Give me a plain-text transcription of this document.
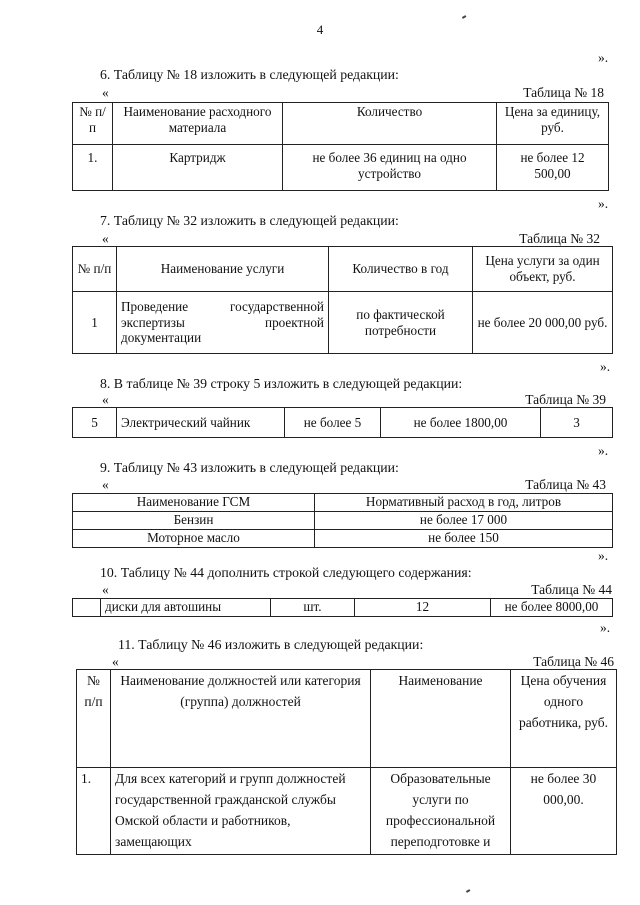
4
».
6. Таблицу № 18 изложить в следующей редакции:
«	Таблица № 18
№ п/п	Наименование расходного материала	Количество	Цена за единицу, руб.
1.	Картридж	не более 36 единиц на одно устройство	не более 12 500,00
».
7. Таблицу № 32 изложить в следующей редакции:
«	Таблица № 32
№ п/п	Наименование услуги	Количество в год	Цена услуги за один объект, руб.
1	Проведение государственной экспертизы проектной документации	по фактической потребности	не более 20 000,00 руб.
».
8. В таблице № 39 строку 5 изложить в следующей редакции:
«	Таблица № 39
5	Электрический чайник	не более 5	не более 1800,00	3
».
9. Таблицу № 43 изложить в следующей редакции:
«	Таблица № 43
Наименование ГСМ	Нормативный расход в год, литров
Бензин	не более 17 000
Моторное масло	не более 150
».
10. Таблицу № 44 дополнить строкой следующего содержания:
«	Таблица № 44
	диски для автошины	шт.	12	не более 8000,00
».
11. Таблицу № 46 изложить в следующей редакции:
«	Таблица № 46
№ п/п	Наименование должностей или категория (группа) должностей	Наименование	Цена обучения одного работника, руб.
1.	Для всех категорий и групп должностей государственной гражданской службы Омской области и работников, замещающих	Образовательные услуги по профессиональной переподготовке и	не более 30 000,00.
